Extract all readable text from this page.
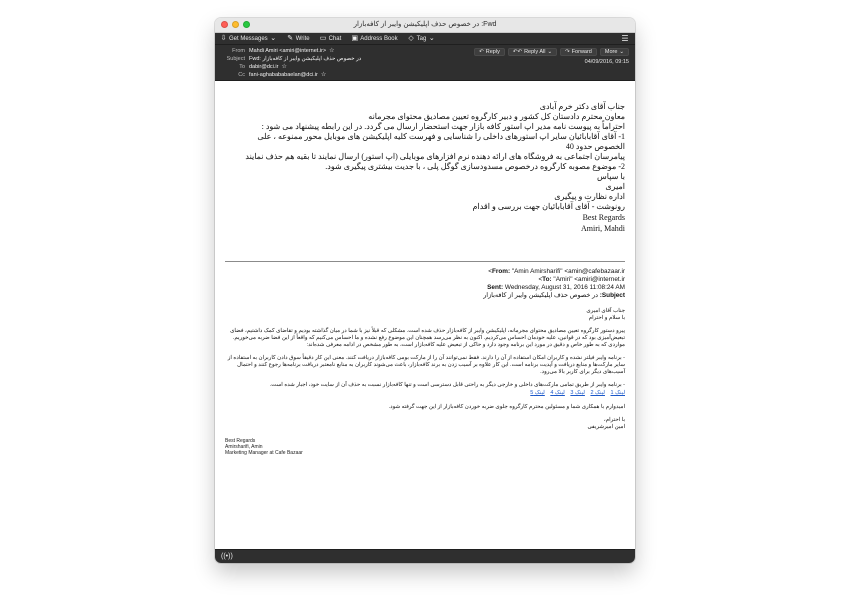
Fwd: در خصوص حذف اپلیکیشن وایبر از کافه‌بازار
⇩ Get Messages ⌄ ✎ Write ▭ Chat ▣ Address Book ◇ Tag ⌄	☰
↶ Reply ↶↶ Reply All ⌄ ↷ Forward More ⌄
From Mahdi Amiri <amiri@internet.ir> ☆
Subject Fwd: در خصوص حذف اپلیکیشن وایبر از کافه‌بازار
To dabir@dci.ir ☆
Cc fani-aghabababaelan@dci.ir ☆
04/09/2016, 09:15

جناب آقای دکتر خرم آبادی

معاون محترم دادستان کل کشور و دبیر کارگروه تعیین مصادیق محتوای مجرمانه

احتراماً به پیوست نامه مدیر اپ استور کافه بازار جهت استحضار ارسال می گردد. در این رابطه پیشنهاد می شود :

1- آقای آقابابائیان سایر اپ استورهای داخلی را شناسایی و فهرست کلیه اپلیکیشن های موبایل محور ممنوعه ، علی الخصوص حدود 40

پیامرسان اجتماعی به فروشگاه های ارائه دهنده نرم افزارهای موبایلی (اپ استور) ارسال نمایند تا بقیه هم حذف نمایند

2- موضوع مصوبه کارگروه درخصوص مسدودسازی گوگل پلی ، با جدیت بیشتری پیگیری شود.

با سپاس

امیری

اداره نظارت و پیگیری

رونوشت - آقای آقابابائیان جهت بررسی و اقدام

Best Regards
Amiri, Mahdi
From: "Amin Amirsharifi" <amin@cafebazaar.ir>
To: "Amiri" <amiri@internet.ir>
Sent: Wednesday, August 31, 2016 11:08:24 AM
Subject: در خصوص حذف اپلیکیشن وایبر از کافه‌بازار

جناب آقای امیری

با سلام و احترام

پیرو دستور کارگروه تعیین مصادیق محتوای مجرمانه، اپلیکیشن وایبر از کافه‌بازار حذف شده است. مشکلی که قبلاً نیز با شما در میان گذاشته بودیم و تقاضای کمک داشتیم، فضای تبعیض‌آمیزی بود که در قوانین، علیه خودمان احساس می‌کردیم. اکنون به نظر می‌رسد همچنان این موضوع رفع نشده و ما احساس می‌کنیم که واقعاً از این فضا ضربه می‌خوریم. مواردی که به طور خاص و دقیق در مورد این برنامه وجود دارد و حاکی از تبعیض علیه کافه‌بازار است، به طور مشخص در ادامه معرفی شده‌اند:

- برنامه وایبر فیلتر نشده و کاربران امکان استفاده از آن را دارند. فقط نمی‌توانند آن را از مارکت بومی کافه‌بازار دریافت کنند. معنی این کار دقیقاً سوق دادن کاربران به استفاده از سایر مارکت‌ها و منابع دریافت و آپدیت برنامه است. این کار علاوه بر آسیب زدن به برند کافه‌بازار، باعث می‌شوند کاربران به منابع نامعتبر دریافت برنامه‌ها رجوع کنند و احتمال آسیب‌های دیگر برای کاربر بالا می‌رود.

- برنامه وایبر از طریق تمامی مارکت‌های داخلی و خارجی دیگر به راحتی قابل دسترسی است و تنها کافه‌بازار نسبت به حذف آن از سایت خود، اجبار شده است.

لینک 1 لینک 2 لینک 3 لینک 4 لینک 5

امیدوارم با همکاری شما و مسئولین محترم کارگروه جلوی ضربه خوردن کافه‌بازار از این جهت گرفته شود.

با احترام،

امین امیرشریفی

Best Regards
Amirsharifi, Amin
Marketing Manager at Cafe Bazaar
((•))
